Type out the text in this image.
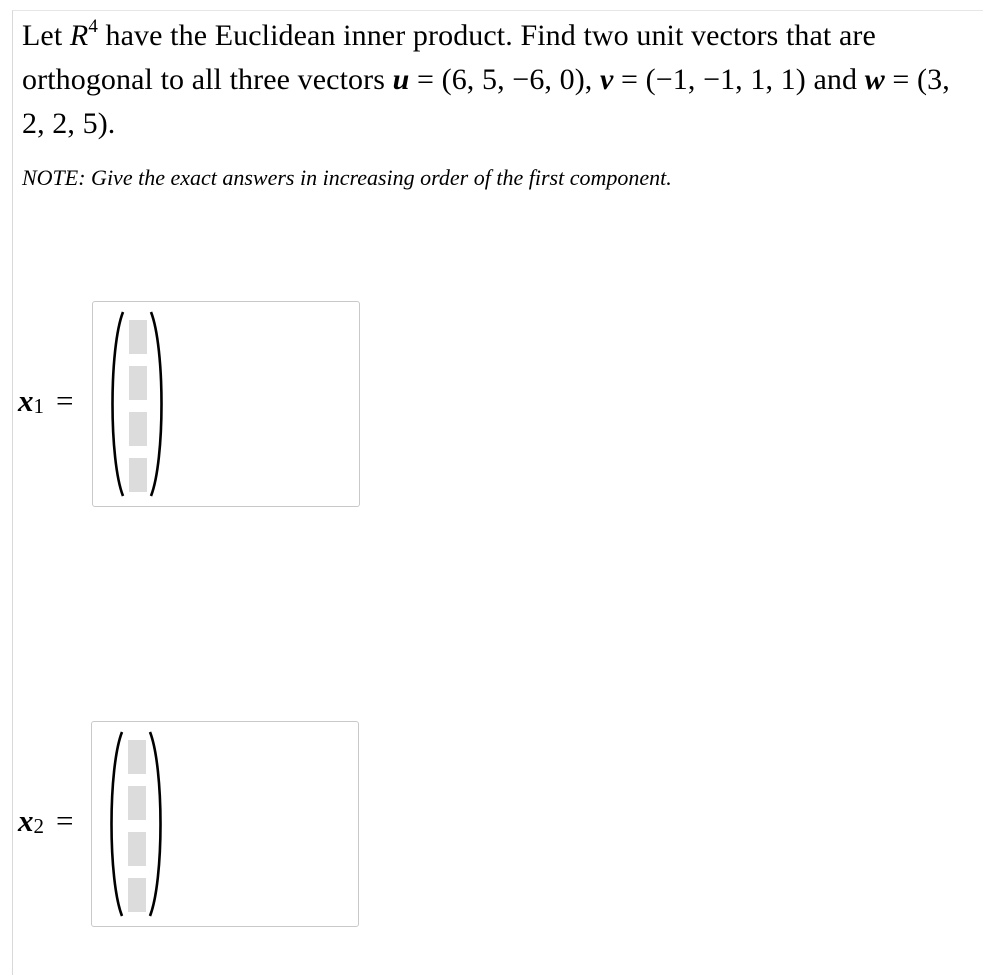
Let $R^4$ have the Euclidean inner product. Find two unit vectors that are orthogonal to all three vectors u = (6, 5, −6, 0), v = (−1, −1, 1, 1) and w = (3, 2, 2, 5).
NOTE: Give the exact answers in increasing order of the first component.
$x_1$ =
$x_2$ =
